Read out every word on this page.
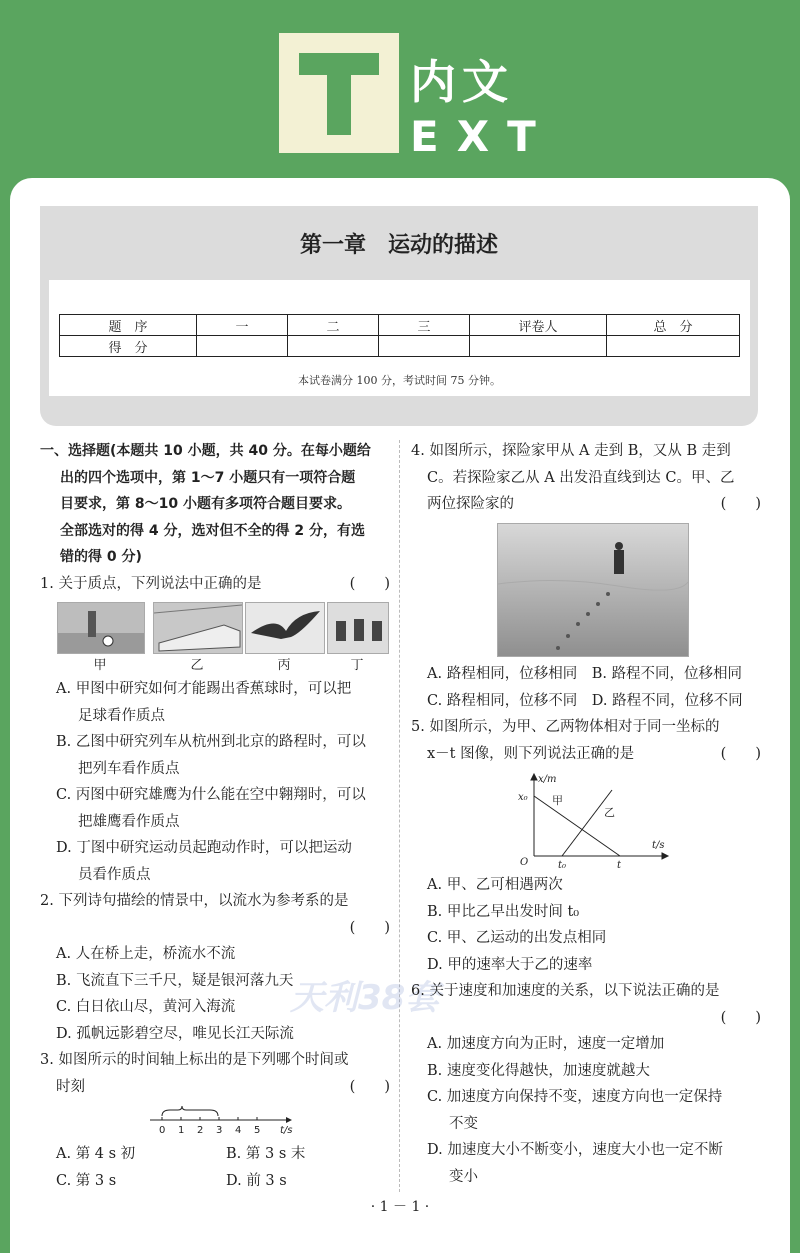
内文
EXT
第一章　运动的描述
题　序	一	二	三	评卷人	总　分
得　分					
本试卷满分 100 分，考试时间 75 分钟。

一、选择题(本题共 10 小题，共 40 分。在每小题给

出的四个选项中，第 1～7 小题只有一项符合题

目要求，第 8～10 小题有多项符合题目要求。

全部选对的得 4 分，选对但不全的得 2 分，有选

错的得 0 分)

1. 关于质点，下列说法中正确的是	(　　)

甲	乙	丙	丁

A. 甲图中研究如何才能踢出香蕉球时，可以把

足球看作质点

B. 乙图中研究列车从杭州到北京的路程时，可以

把列车看作质点

C. 丙图中研究雄鹰为什么能在空中翱翔时，可以

把雄鹰看作质点

D. 丁图中研究运动员起跑动作时，可以把运动

员看作质点

2. 下列诗句描绘的情景中，以流水为参考系的是

(　　)

A. 人在桥上走，桥流水不流

B. 飞流直下三千尺，疑是银河落九天

C. 白日依山尽，黄河入海流

D. 孤帆远影碧空尽，唯见长江天际流

3. 如图所示的时间轴上标出的是下列哪个时间或

时刻	(　　)

0 1 2 3 4 5 t/s

A. 第 4 s 初	B. 第 3 s 末

C. 第 3 s	D. 前 3 s

4. 如图所示，探险家甲从 A 走到 B，又从 B 走到

C。若探险家乙从 A 出发沿直线到达 C。甲、乙

两位探险家的	(　　)

A. 路程相同，位移相同　B. 路程不同，位移相同

C. 路程相同，位移不同　D. 路程不同，位移不同

5. 如图所示，为甲、乙两物体相对于同一坐标的

x－t 图像，则下列说法正确的是	(　　)

x/m
t/s
x₀
O	t₀	t
甲
乙
天利38套

A. 甲、乙可相遇两次

B. 甲比乙早出发时间 t₀

C. 甲、乙运动的出发点相同

D. 甲的速率大于乙的速率

6. 关于速度和加速度的关系，以下说法正确的是

(　　)

A. 加速度方向为正时，速度一定增加

B. 速度变化得越快，加速度就越大

C. 加速度方向保持不变，速度方向也一定保持

不变

D. 加速度大小不断变小，速度大小也一定不断

变小

· 1 － 1 ·
